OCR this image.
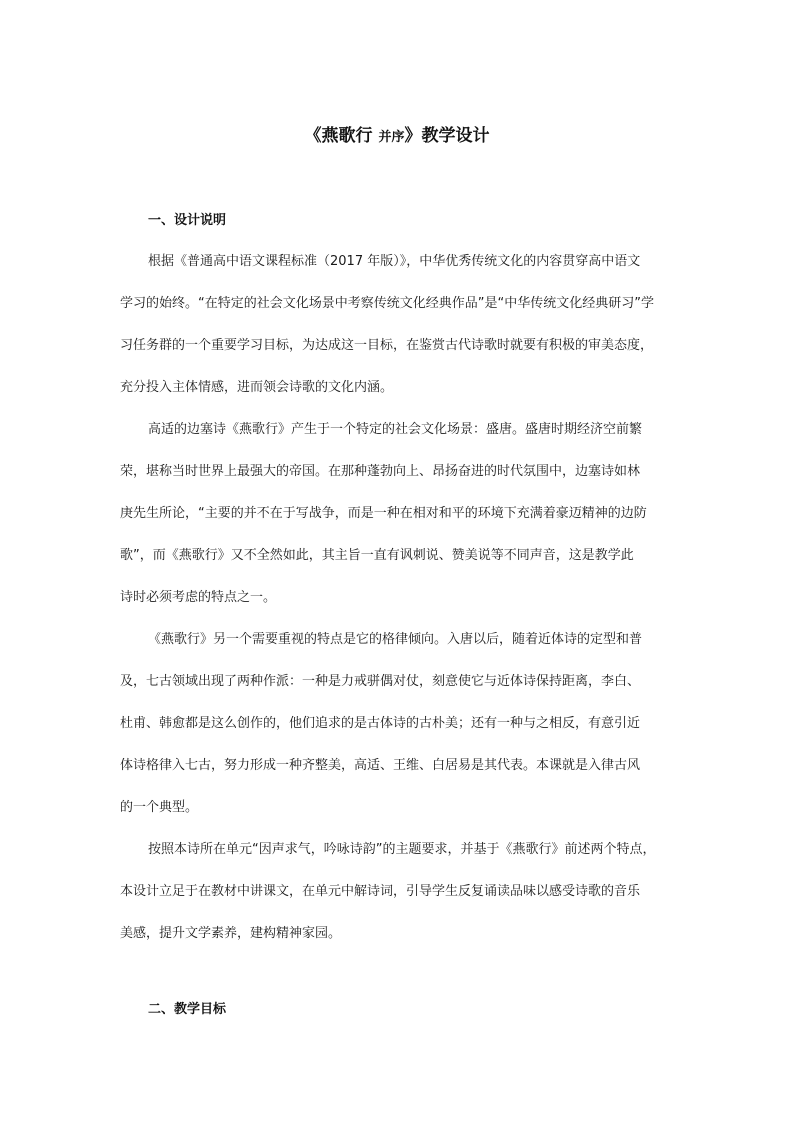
《燕歌行 并序》教学设计
一、设计说明
根据《普通高中语文课程标准（2017 年版）》，中华优秀传统文化的内容贯穿高中语文
学习的始终。“在特定的社会文化场景中考察传统文化经典作品”是“中华传统文化经典研习”学
习任务群的一个重要学习目标，为达成这一目标，在鉴赏古代诗歌时就要有积极的审美态度，
充分投入主体情感，进而领会诗歌的文化内涵。
高适的边塞诗《燕歌行》产生于一个特定的社会文化场景：盛唐。盛唐时期经济空前繁
荣，堪称当时世界上最强大的帝国。在那种蓬勃向上、昂扬奋进的时代氛围中，边塞诗如林
庚先生所论，“主要的并不在于写战争，而是一种在相对和平的环境下充满着豪迈精神的边防
歌”，而《燕歌行》又不全然如此，其主旨一直有讽刺说、赞美说等不同声音，这是教学此
诗时必须考虑的特点之一。
《燕歌行》另一个需要重视的特点是它的格律倾向。入唐以后，随着近体诗的定型和普
及，七古领域出现了两种作派：一种是力戒骈偶对仗，刻意使它与近体诗保持距离，李白、
杜甫、韩愈都是这么创作的，他们追求的是古体诗的古朴美；还有一种与之相反，有意引近
体诗格律入七古，努力形成一种齐整美，高适、王维、白居易是其代表。本课就是入律古风
的一个典型。
按照本诗所在单元“因声求气，吟咏诗韵”的主题要求，并基于《燕歌行》前述两个特点，
本设计立足于在教材中讲课文，在单元中解诗词，引导学生反复诵读品味以感受诗歌的音乐
美感，提升文学素养，建构精神家园。
二、教学目标
